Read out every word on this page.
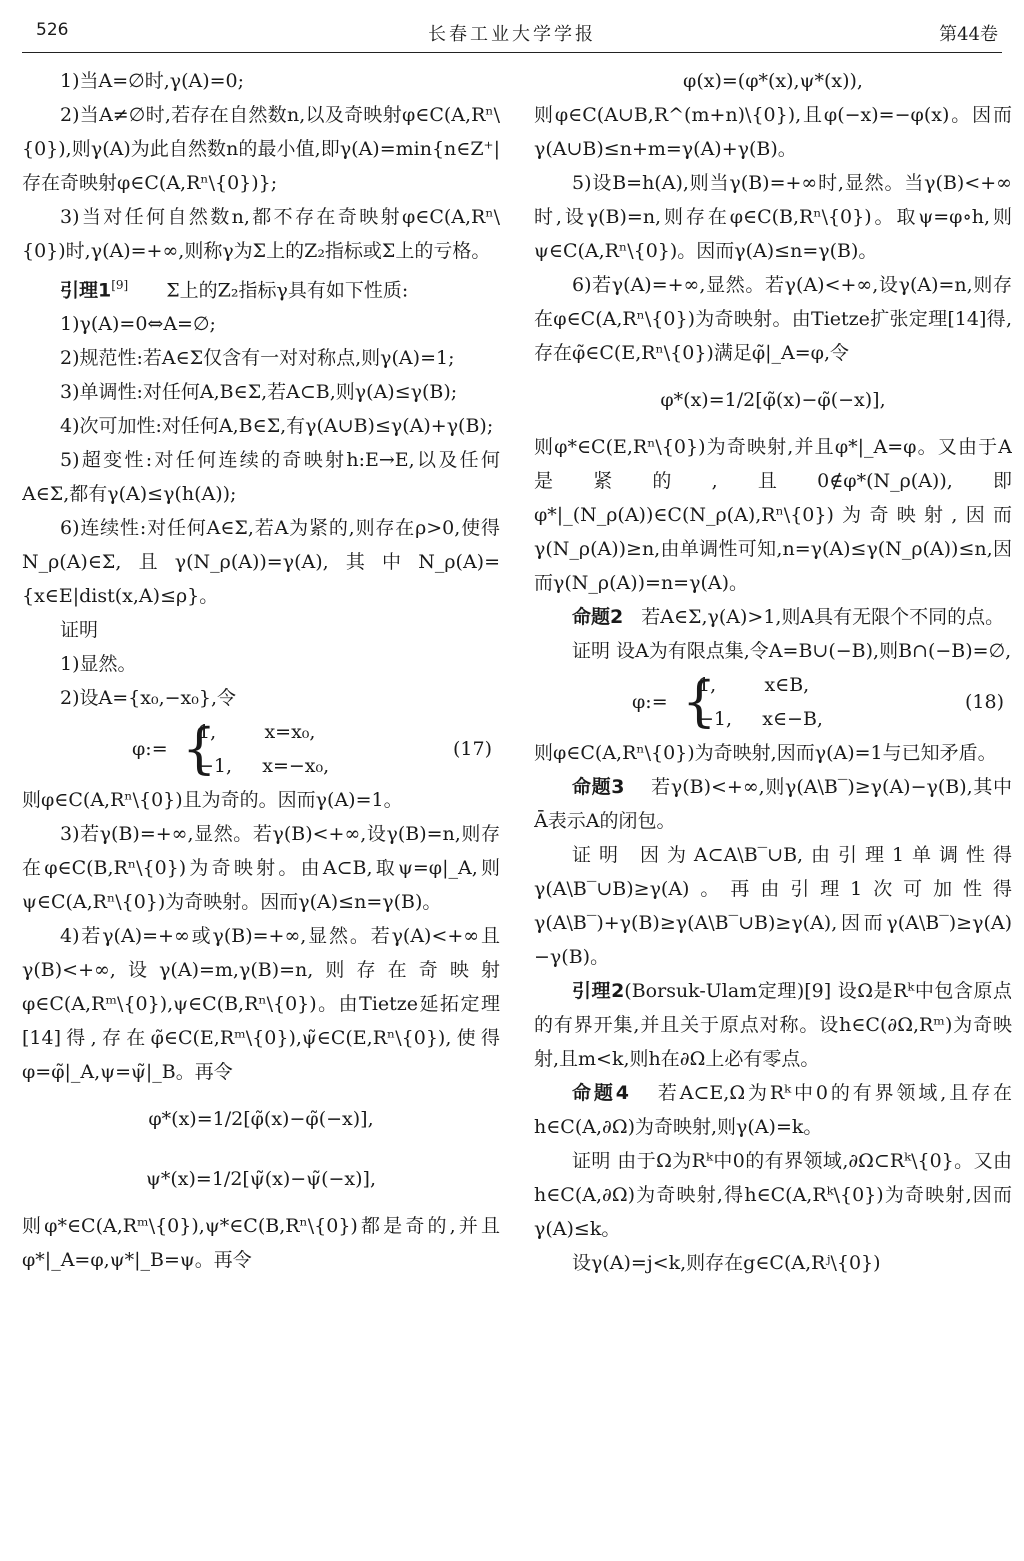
526	长春工业大学学报	第44卷

1)当A=∅时,γ(A)=0;

2)当A≠∅时,若存在自然数n,以及奇映射φ∈C(A,Rⁿ\{0}),则γ(A)为此自然数n的最小值,即γ(A)=min{n∈Z⁺|存在奇映射φ∈C(A,Rⁿ\{0})};

3)当对任何自然数n,都不存在奇映射φ∈C(A,Rⁿ\{0})时,γ(A)=+∞,则称γ为Σ上的Z₂指标或Σ上的亏格。

引理1[9] Σ上的Z₂指标γ具有如下性质:

1)γ(A)=0⇔A=∅;

2)规范性:若A∈Σ仅含有一对对称点,则γ(A)=1;

3)单调性:对任何A,B∈Σ,若A⊂B,则γ(A)≤γ(B);

4)次可加性:对任何A,B∈Σ,有γ(A∪B)≤γ(A)+γ(B);

5)超变性:对任何连续的奇映射h:E→E,以及任何A∈Σ,都有γ(A)≤γ(h(A));

6)连续性:对任何A∈Σ,若A为紧的,则存在ρ>0,使得N_ρ(A)∈Σ,且γ(N_ρ(A))=γ(A),其中N_ρ(A)={x∈E|dist(x,A)≤ρ}。

证明

1)显然。

2)设A={x₀,−x₀},令

φ:= {
1,        x=x₀,
−1,     x=−x₀,
(17)

则φ∈C(A,Rⁿ\{0})且为奇的。因而γ(A)=1。

3)若γ(B)=+∞,显然。若γ(B)<+∞,设γ(B)=n,则存在φ∈C(B,Rⁿ\{0})为奇映射。由A⊂B,取ψ=φ|_A,则ψ∈C(A,Rⁿ\{0})为奇映射。因而γ(A)≤n=γ(B)。

4)若γ(A)=+∞或γ(B)=+∞,显然。若γ(A)<+∞且γ(B)<+∞,设γ(A)=m,γ(B)=n,则存在奇映射φ∈C(A,Rᵐ\{0}),ψ∈C(B,Rⁿ\{0})。由Tietze延拓定理[14]得,存在φ̃∈C(E,Rᵐ\{0}),ψ̃∈C(E,Rⁿ\{0}),使得φ=φ̃|_A,ψ=ψ̃|_B。再令

φ*(x)=1/2[φ̃(x)−φ̃(−x)],

ψ*(x)=1/2[ψ̃(x)−ψ̃(−x)],

则φ*∈C(A,Rᵐ\{0}),ψ*∈C(B,Rⁿ\{0})都是奇的,并且φ*|_A=φ,ψ*|_B=ψ。再令

φ(x)=(φ*(x),ψ*(x)),

则φ∈C(A∪B,R^(m+n)\{0}),且φ(−x)=−φ(x)。因而γ(A∪B)≤n+m=γ(A)+γ(B)。

5)设B=h(A),则当γ(B)=+∞时,显然。当γ(B)<+∞时,设γ(B)=n,则存在φ∈C(B,Rⁿ\{0})。取ψ=φ∘h,则ψ∈C(A,Rⁿ\{0})。因而γ(A)≤n=γ(B)。

6)若γ(A)=+∞,显然。若γ(A)<+∞,设γ(A)=n,则存在φ∈C(A,Rⁿ\{0})为奇映射。由Tietze扩张定理[14]得,存在φ̃∈C(E,Rⁿ\{0})满足φ̃|_A=φ,令

φ*(x)=1/2[φ̃(x)−φ̃(−x)],

则φ*∈C(E,Rⁿ\{0})为奇映射,并且φ*|_A=φ。又由于A是紧的,且0∉φ*(N_ρ(A)),即φ*|_(N_ρ(A))∈C(N_ρ(A),Rⁿ\{0})为奇映射,因而γ(N_ρ(A))≥n,由单调性可知,n=γ(A)≤γ(N_ρ(A))≤n,因而γ(N_ρ(A))=n=γ(A)。

命题2 若A∈Σ,γ(A)>1,则A具有无限个不同的点。

证明 设A为有限点集,令A=B∪(−B),则B∩(−B)=∅,

φ:= {
1,        x∈B,
−1,     x∈−B,
(18)

则φ∈C(A,Rⁿ\{0})为奇映射,因而γ(A)=1与已知矛盾。

命题3 若γ(B)<+∞,则γ(A\B‾)≥γ(A)−γ(B),其中Ā表示A的闭包。

证明 因为A⊂A\B‾∪B,由引理1单调性得γ(A\B‾∪B)≥γ(A)。再由引理1次可加性得γ(A\B‾)+γ(B)≥γ(A\B‾∪B)≥γ(A),因而γ(A\B‾)≥γ(A)−γ(B)。

引理2(Borsuk-Ulam定理)[9] 设Ω是Rᵏ中包含原点的有界开集,并且关于原点对称。设h∈C(∂Ω,Rᵐ)为奇映射,且m<k,则h在∂Ω上必有零点。

命题4 若A⊂E,Ω为Rᵏ中0的有界领域,且存在h∈C(A,∂Ω)为奇映射,则γ(A)=k。

证明 由于Ω为Rᵏ中0的有界领域,∂Ω⊂Rᵏ\{0}。又由h∈C(A,∂Ω)为奇映射,得h∈C(A,Rᵏ\{0})为奇映射,因而γ(A)≤k。

设γ(A)=j<k,则存在g∈C(A,Rʲ\{0})
